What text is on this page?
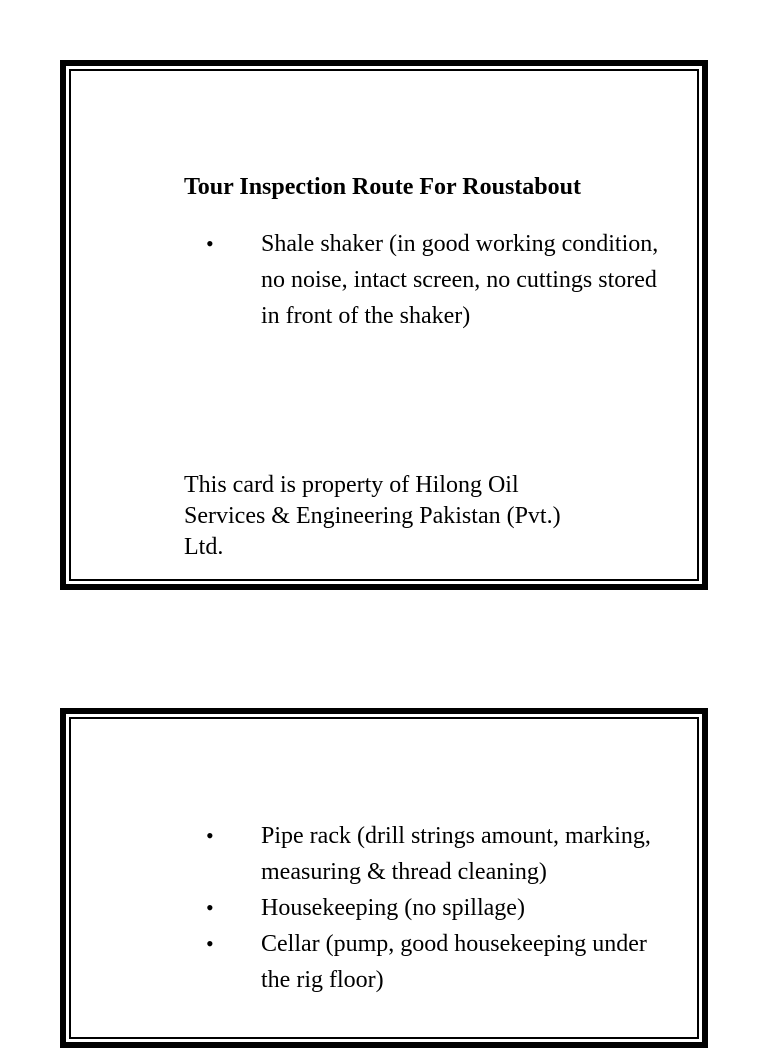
Tour Inspection Route For Roustabout
• Shale shaker (in good working condition, no noise, intact screen, no cuttings stored in front of the shaker)

This card is property of Hilong Oil Services & Engineering Pakistan (Pvt.) Ltd.

• Pipe rack (drill strings amount, marking, measuring & thread cleaning)
• Housekeeping (no spillage)
• Cellar (pump, good housekeeping under the rig floor)
